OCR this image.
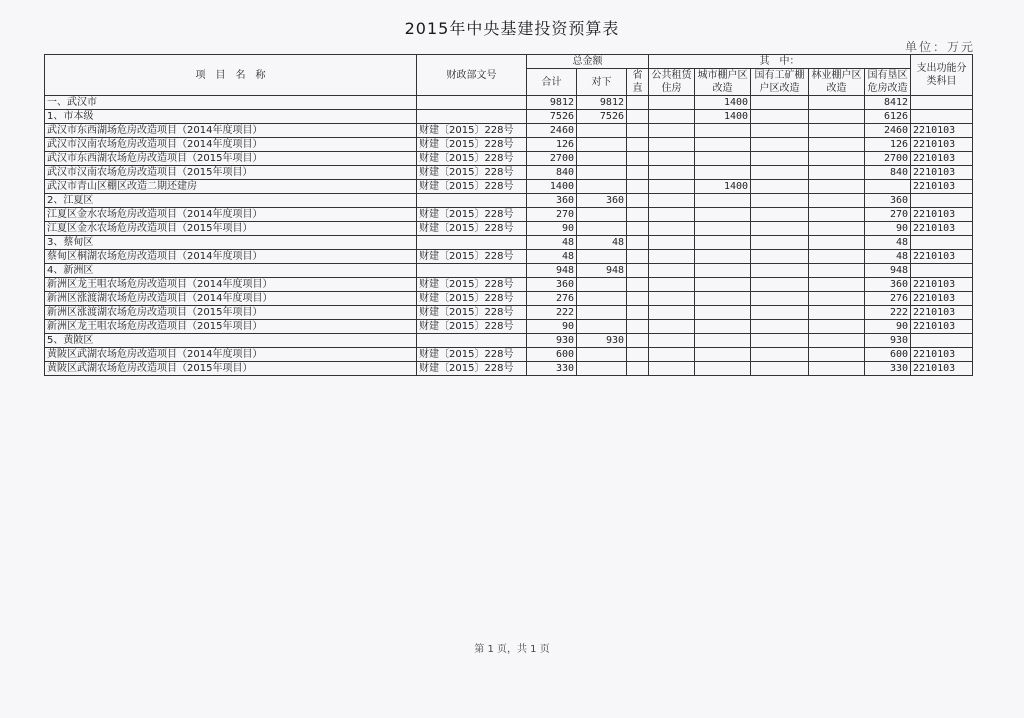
2015年中央基建投资预算表
单位：万元
项　目　名　称	财政部文号	总金额			其　中：					支出功能分类科目
		合计	对下	省直	公共租赁住房	城市棚户区改造	国有工矿棚户区改造	林业棚户区改造	国有垦区危房改造	
一、武汉市		9812	9812			1400			8412	
1、市本级		7526	7526			1400			6126	
武汉市东西湖场危房改造项目（2014年度项目）	财建〔2015〕228号	2460							2460	2210103
武汉市汉南农场危房改造项目（2014年度项目）	财建〔2015〕228号	126							126	2210103
武汉市东西湖农场危房改造项目（2015年项目）	财建〔2015〕228号	2700							2700	2210103
武汉市汉南农场危房改造项目（2015年项目）	财建〔2015〕228号	840							840	2210103
武汉市青山区棚区改造二期还建房	财建〔2015〕228号	1400				1400				2210103
2、江夏区		360	360						360	
江夏区金水农场危房改造项目（2014年度项目）	财建〔2015〕228号	270							270	2210103
江夏区金水农场危房改造项目（2015年项目）	财建〔2015〕228号	90							90	2210103
3、蔡甸区		48	48						48	
蔡甸区桐湖农场危房改造项目（2014年度项目）	财建〔2015〕228号	48							48	2210103
4、新洲区		948	948						948	
新洲区龙王咀农场危房改造项目（2014年度项目）	财建〔2015〕228号	360							360	2210103
新洲区涨渡湖农场危房改造项目（2014年度项目）	财建〔2015〕228号	276							276	2210103
新洲区涨渡湖农场危房改造项目（2015年项目）	财建〔2015〕228号	222							222	2210103
新洲区龙王咀农场危房改造项目（2015年项目）	财建〔2015〕228号	90							90	2210103
5、黄陂区		930	930						930	
黄陂区武湖农场危房改造项目（2014年度项目）	财建〔2015〕228号	600							600	2210103
黄陂区武湖农场危房改造项目（2015年项目）	财建〔2015〕228号	330							330	2210103
第 1 页，共 1 页
